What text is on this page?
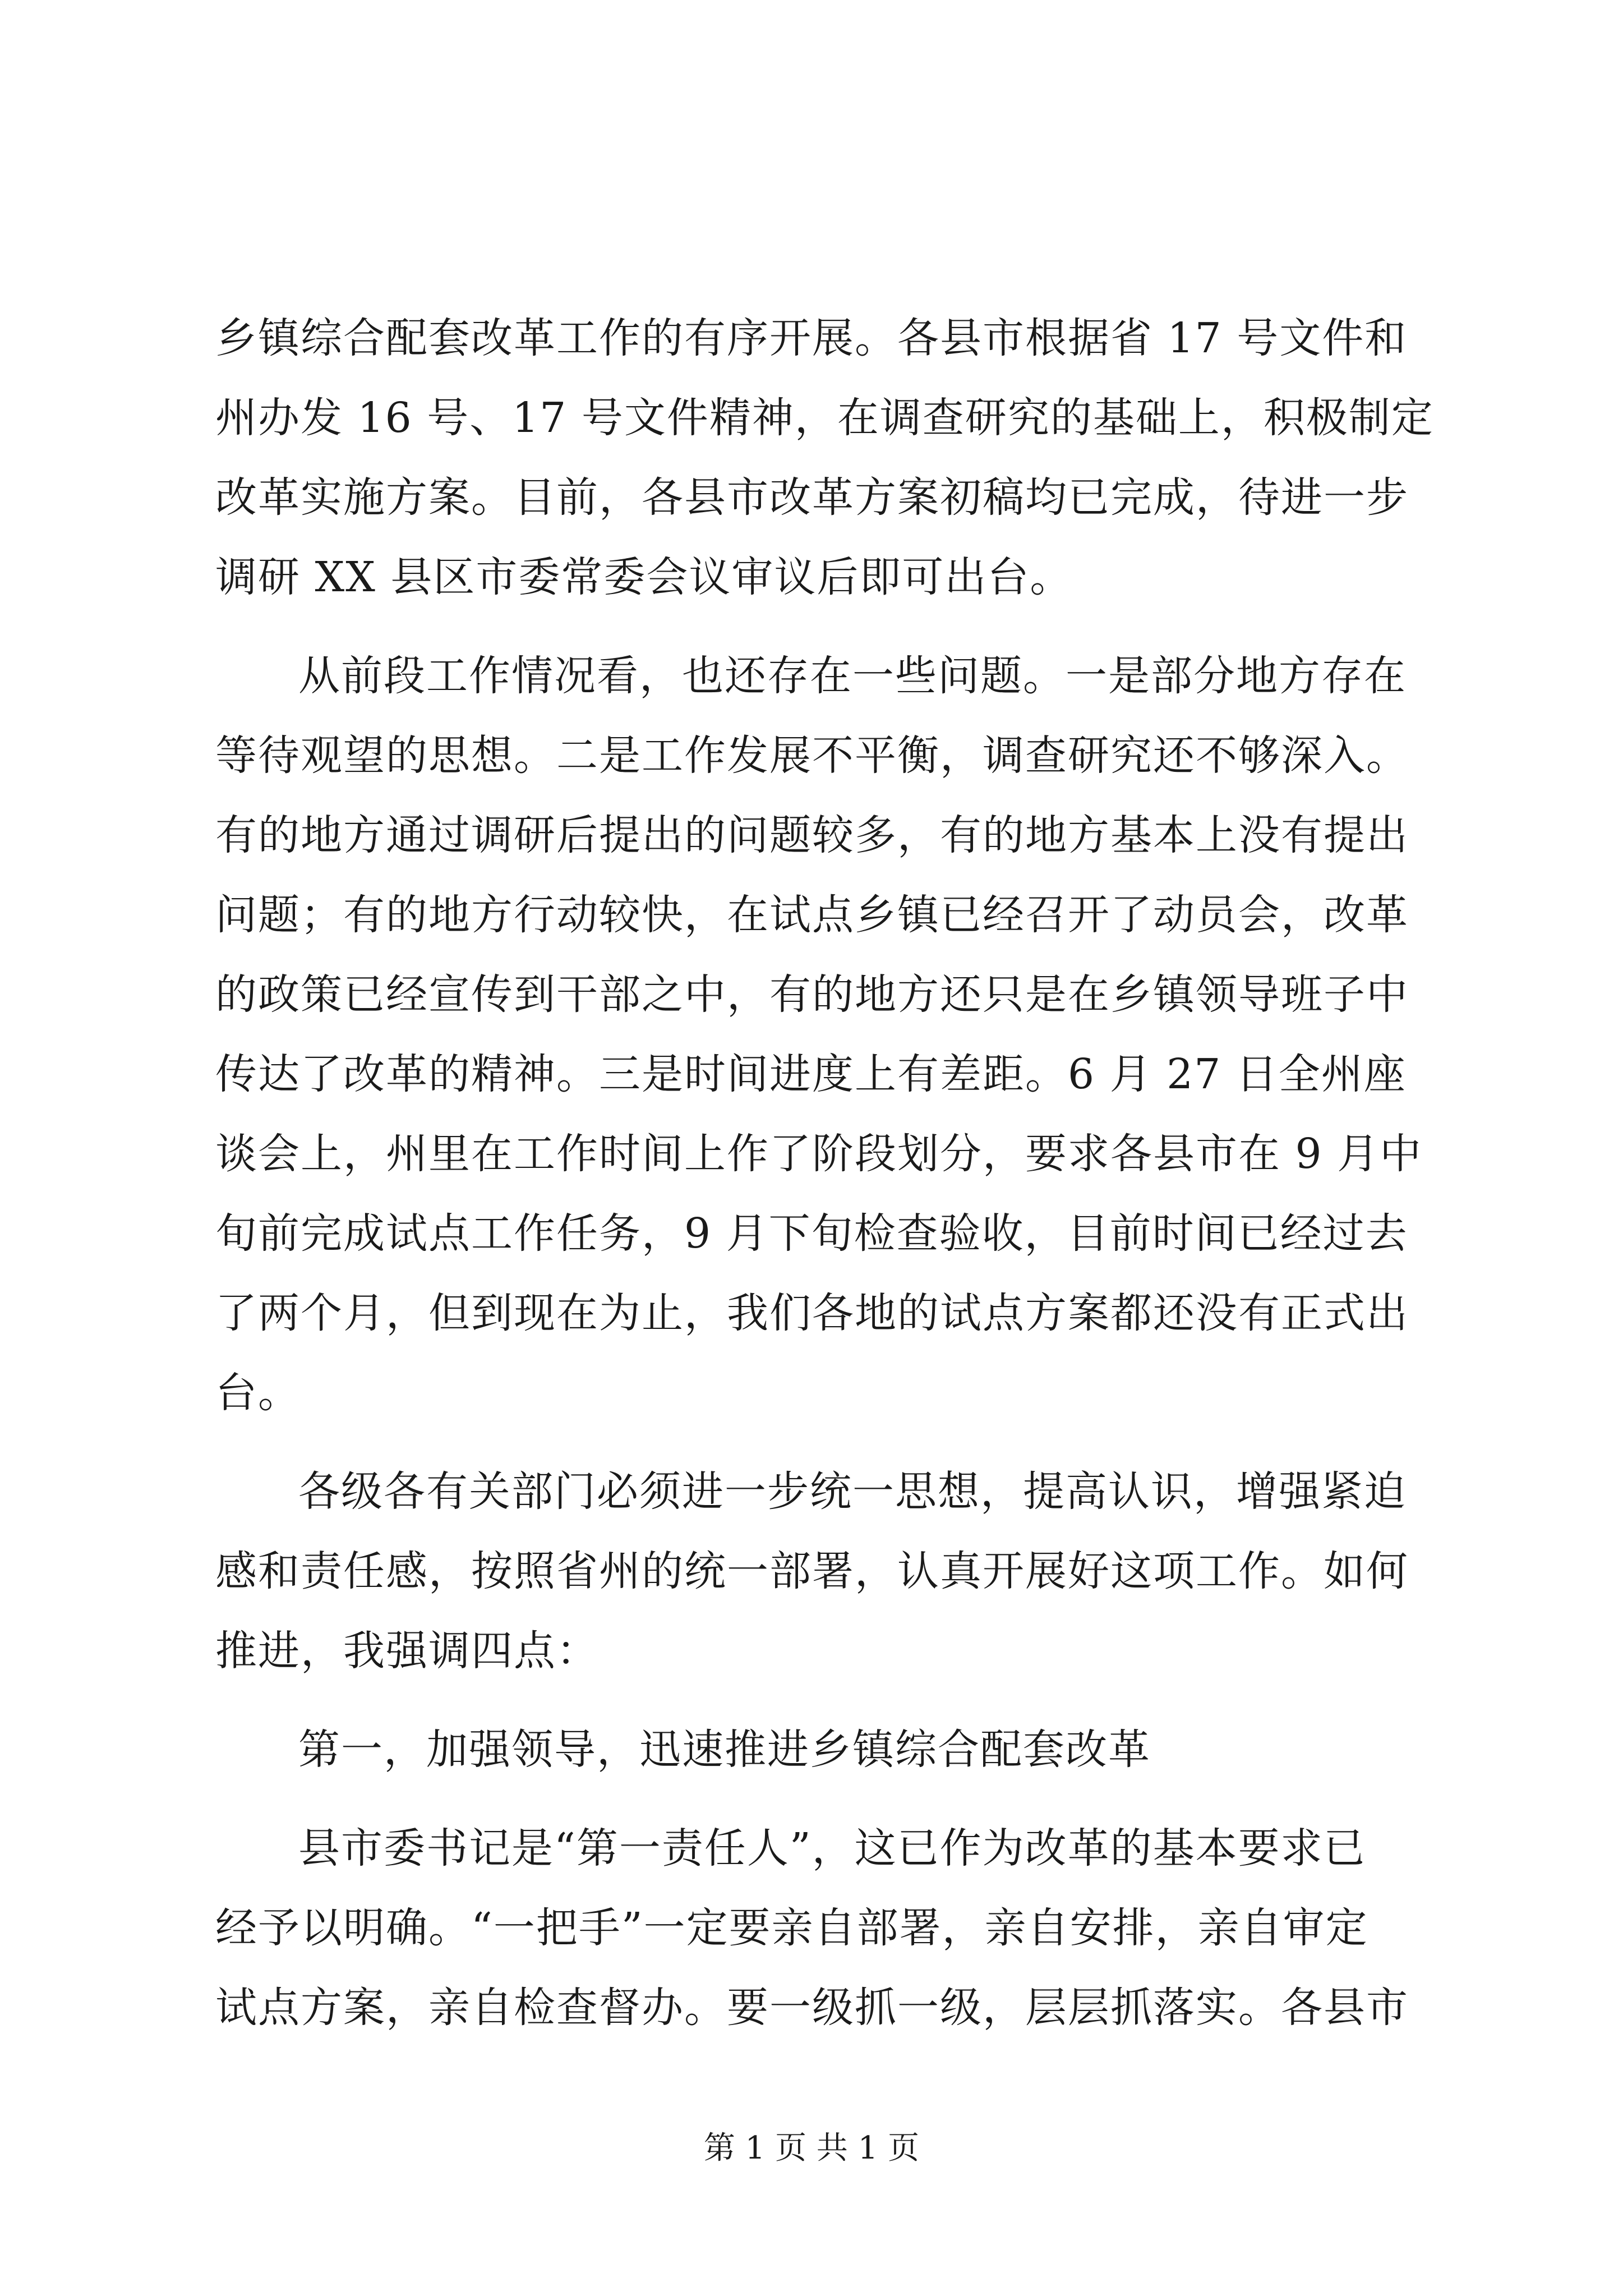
乡镇综合配套改革工作的有序开展。各县市根据省 17 号文件和
州办发 16 号、17 号文件精神，在调查研究的基础上，积极制定
改革实施方案。目前，各县市改革方案初稿均已完成，待进一步
调研 XX 县区市委常委会议审议后即可出台。
从前段工作情况看，也还存在一些问题。一是部分地方存在
等待观望的思想。二是工作发展不平衡，调查研究还不够深入。
有的地方通过调研后提出的问题较多，有的地方基本上没有提出
问题；有的地方行动较快，在试点乡镇已经召开了动员会，改革
的政策已经宣传到干部之中，有的地方还只是在乡镇领导班子中
传达了改革的精神。三是时间进度上有差距。6 月 27 日全州座
谈会上，州里在工作时间上作了阶段划分，要求各县市在 9 月中
旬前完成试点工作任务，9 月下旬检查验收，目前时间已经过去
了两个月，但到现在为止，我们各地的试点方案都还没有正式出
台。
各级各有关部门必须进一步统一思想，提高认识，增强紧迫
感和责任感，按照省州的统一部署，认真开展好这项工作。如何
推进，我强调四点：
第一，加强领导，迅速推进乡镇综合配套改革
县市委书记是“第一责任人”，这已作为改革的基本要求已
经予以明确。“一把手”一定要亲自部署，亲自安排，亲自审定
试点方案，亲自检查督办。要一级抓一级，层层抓落实。各县市
第 1 页 共 1 页
